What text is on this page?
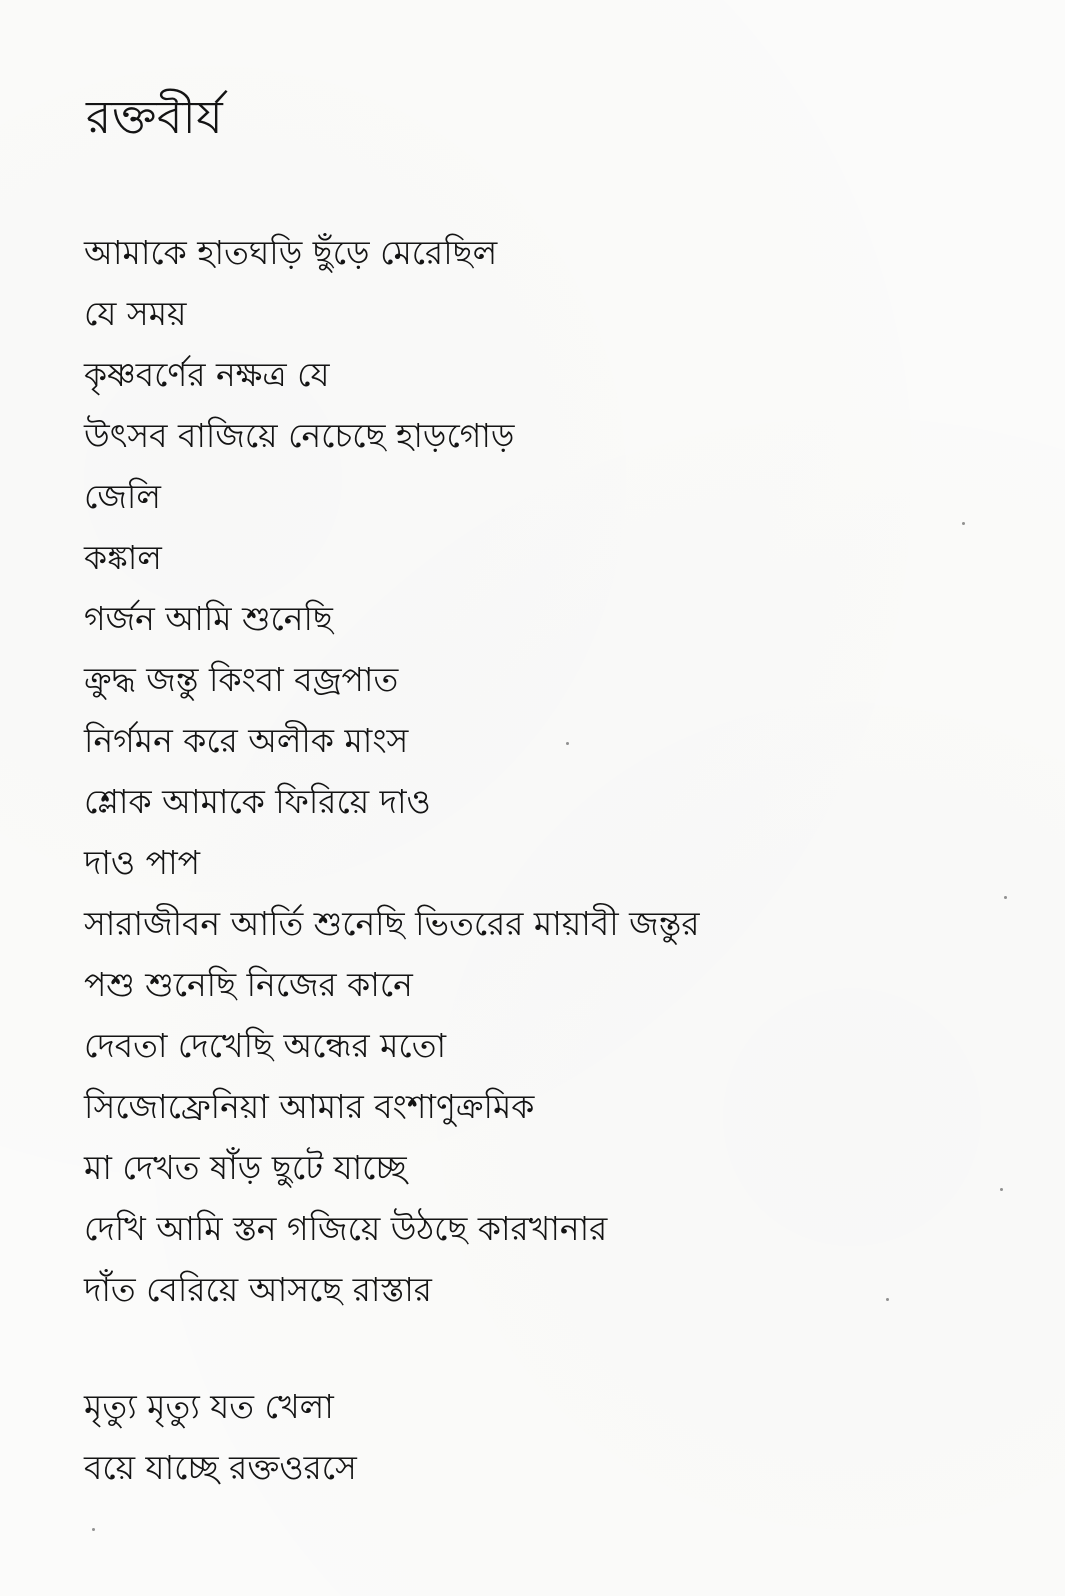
রক্তবীর্য
আমাকে হাতঘড়ি ছুঁড়ে মেরেছিল
যে সময়
কৃষ্ণবর্ণের নক্ষত্র যে
উৎসব বাজিয়ে নেচেছে হাড়গোড়
জেলি
কঙ্কাল
গর্জন আমি শুনেছি
ক্রুদ্ধ জন্তু কিংবা বজ্রপাত
নির্গমন করে অলীক মাংস
শ্লোক আমাকে ফিরিয়ে দাও
দাও পাপ
সারাজীবন আর্তি শুনেছি ভিতরের মায়াবী জন্তুর
পশু শুনেছি নিজের কানে
দেবতা দেখেছি অন্ধের মতো
সিজোফ্রেনিয়া আমার বংশাণুক্রমিক
মা দেখত ষাঁড় ছুটে যাচ্ছে
দেখি আমি স্তন গজিয়ে উঠছে কারখানার
দাঁত বেরিয়ে আসছে রাস্তার
মৃত্যু মৃত্যু যত খেলা
বয়ে যাচ্ছে রক্তওরসে
